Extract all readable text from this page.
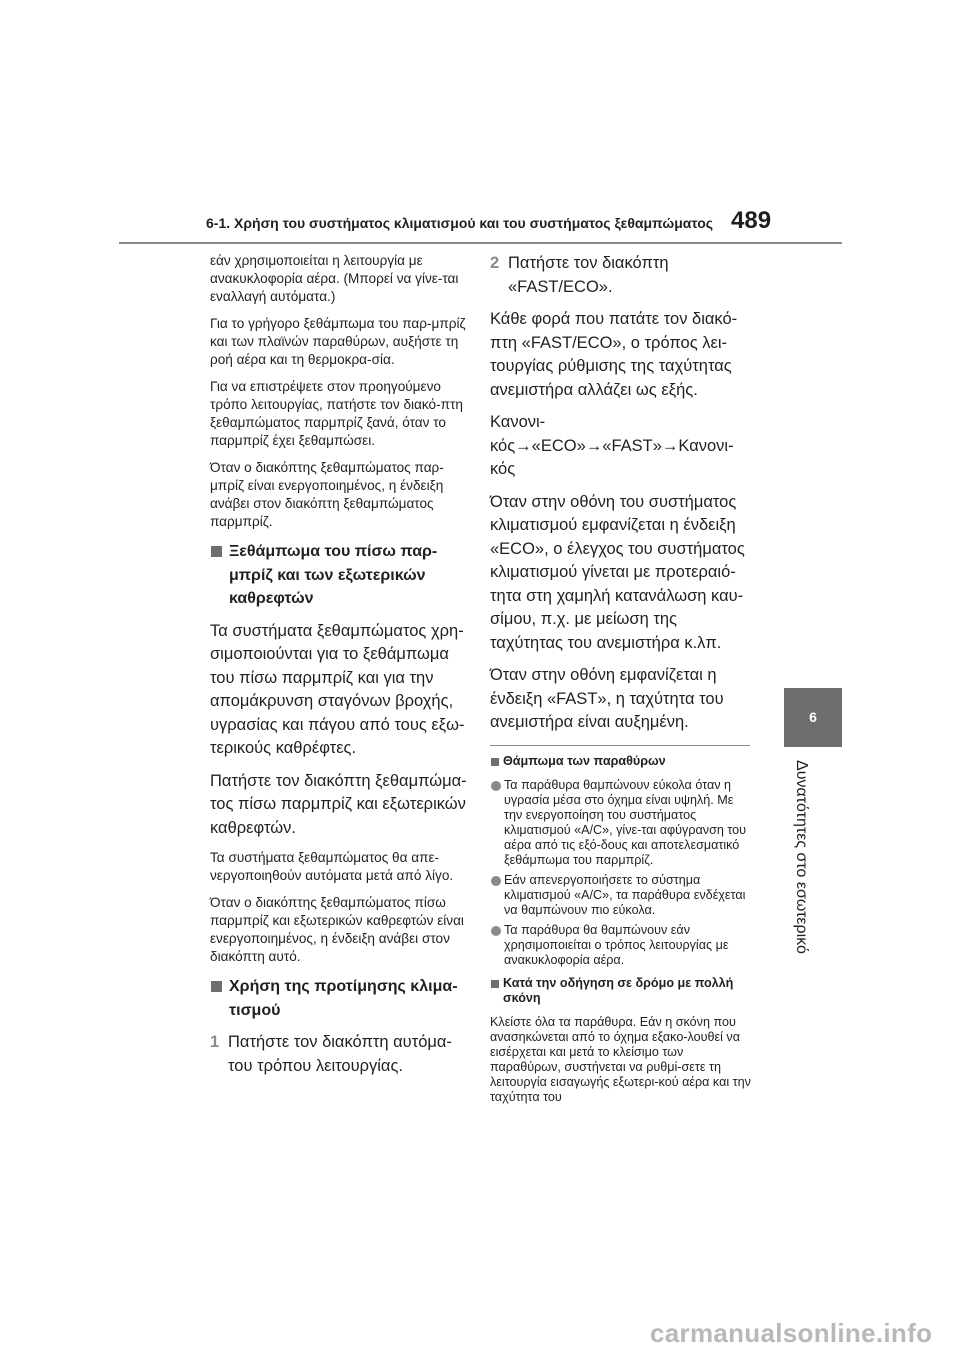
6-1. Χρήση του συστήματος κλιματισμού και του συστήματος ξεθαμπώματος 489
6
Δυνατότητες στο εσωτερικό

εάν χρησιμοποιείται η λειτουργία με ανακυκλοφορία αέρα. (Μπορεί να γίνε-ται εναλλαγή αυτόματα.)

Για το γρήγορο ξεθάμπωμα του παρ-μπρίζ και των πλαϊνών παραθύρων, αυξήστε τη ροή αέρα και τη θερμοκρα-σία.

Για να επιστρέψετε στον προηγούμενο τρόπο λειτουργίας, πατήστε τον διακό-πτη ξεθαμπώματος παρμπρίζ ξανά, όταν το παρμπρίζ έχει ξεθαμπώσει.

Όταν ο διακόπτης ξεθαμπώματος παρ-μπρίζ είναι ενεργοποιημένος, η ένδειξη ανάβει στον διακόπτη ξεθαμπώματος παρμπρίζ.

Ξεθάμπωμα του πίσω παρ-μπρίζ και των εξωτερικών καθρεφτών

Τα συστήματα ξεθαμπώματος χρη-σιμοποιούνται για το ξεθάμπωμα του πίσω παρμπρίζ και για την απομάκρυνση σταγόνων βροχής, υγρασίας και πάγου από τους εξω-τερικούς καθρέφτες.

Πατήστε τον διακόπτη ξεθαμπώμα-τος πίσω παρμπρίζ και εξωτερικών καθρεφτών.

Τα συστήματα ξεθαμπώματος θα απε-νεργοποιηθούν αυτόματα μετά από λίγο.

Όταν ο διακόπτης ξεθαμπώματος πίσω παρμπρίζ και εξωτερικών καθρεφτών είναι ενεργοποιημένος, η ένδειξη ανάβει στον διακόπτη αυτό.

Χρήση της προτίμησης κλιμα-τισμού
1 Πατήστε τον διακόπτη αυτόμα-του τρόπου λειτουργίας.
2 Πατήστε τον διακόπτη «FAST/ECO».

Κάθε φορά που πατάτε τον διακό-πτη «FAST/ECO», ο τρόπος λει-τουργίας ρύθμισης της ταχύτητας ανεμιστήρα αλλάζει ως εξής.

Κανονι-κός→«ECO»→«FAST»→Κανονι-κός

Όταν στην οθόνη του συστήματος κλιματισμού εμφανίζεται η ένδειξη «ECO», ο έλεγχος του συστήματος κλιματισμού γίνεται με προτεραιό-τητα στη χαμηλή κατανάλωση καυ-σίμου, π.χ. με μείωση της ταχύτητας του ανεμιστήρα κ.λπ.

Όταν στην οθόνη εμφανίζεται η ένδειξη «FAST», η ταχύτητα του ανεμιστήρα είναι αυξημένη.

Θάμπωμα των παραθύρων
Τα παράθυρα θαμπώνουν εύκολα όταν η υγρασία μέσα στο όχημα είναι υψηλή. Με την ενεργοποίηση του συστήματος κλιματισμού «A/C», γίνε-ται αφύγρανση του αέρα από τις εξό-δους και αποτελεσματικό ξεθάμπωμα του παρμπρίζ.
Εάν απενεργοποιήσετε το σύστημα κλιματισμού «A/C», τα παράθυρα ενδέχεται να θαμπώνουν πιο εύκολα.
Τα παράθυρα θα θαμπώνουν εάν χρησιμοποιείται ο τρόπος λειτουργίας με ανακυκλοφορία αέρα.
Κατά την οδήγηση σε δρόμο με πολλή σκόνη

Κλείστε όλα τα παράθυρα. Εάν η σκόνη που ανασηκώνεται από το όχημα εξακο-λουθεί να εισέρχεται και μετά το κλείσιμο των παραθύρων, συστήνεται να ρυθμί-σετε τη λειτουργία εισαγωγής εξωτερι-κού αέρα και την ταχύτητα του

carmanualsonline.info
